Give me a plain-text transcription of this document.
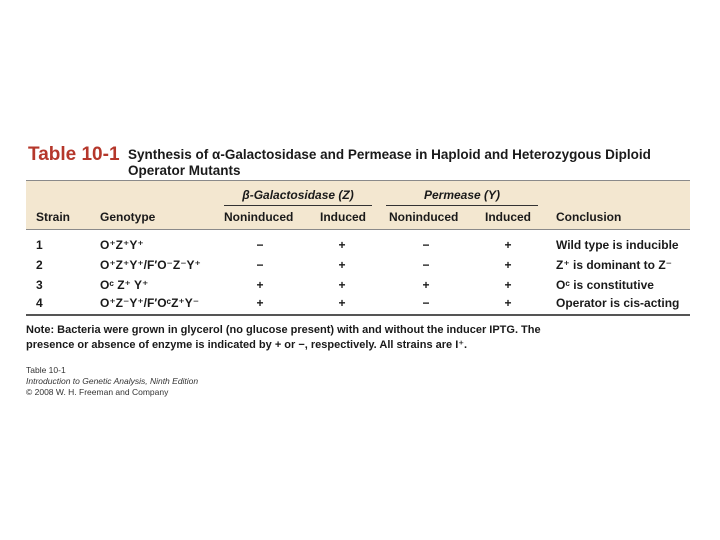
Table 10-1 Synthesis of α-Galactosidase and Permease in Haploid and Heterozygous Diploid Operator Mutants
β-Galactosidase (Z)	Permease (Y)
Strain Genotype	Noninduced Induced Noninduced Induced Conclusion
1	O⁺Z⁺Y⁺	−	+	−	+	Wild type is inducible
2	O⁺Z⁺Y⁺/F′O⁻Z⁻Y⁺	−	+	−	+	Z⁺ is dominant to Z⁻
3	Oᶜ Z⁺ Y⁺	+	+	+	+	Oᶜ is constitutive
4	O⁺Z⁻Y⁺/F′OᶜZ⁺Y⁻	+	+	−	+	Operator is cis-acting
Note: Bacteria were grown in glycerol (no glucose present) with and without the inducer IPTG. The presence or absence of enzyme is indicated by + or −, respectively. All strains are I⁺.
Table 10-1
Introduction to Genetic Analysis, Ninth Edition
© 2008 W. H. Freeman and Company
